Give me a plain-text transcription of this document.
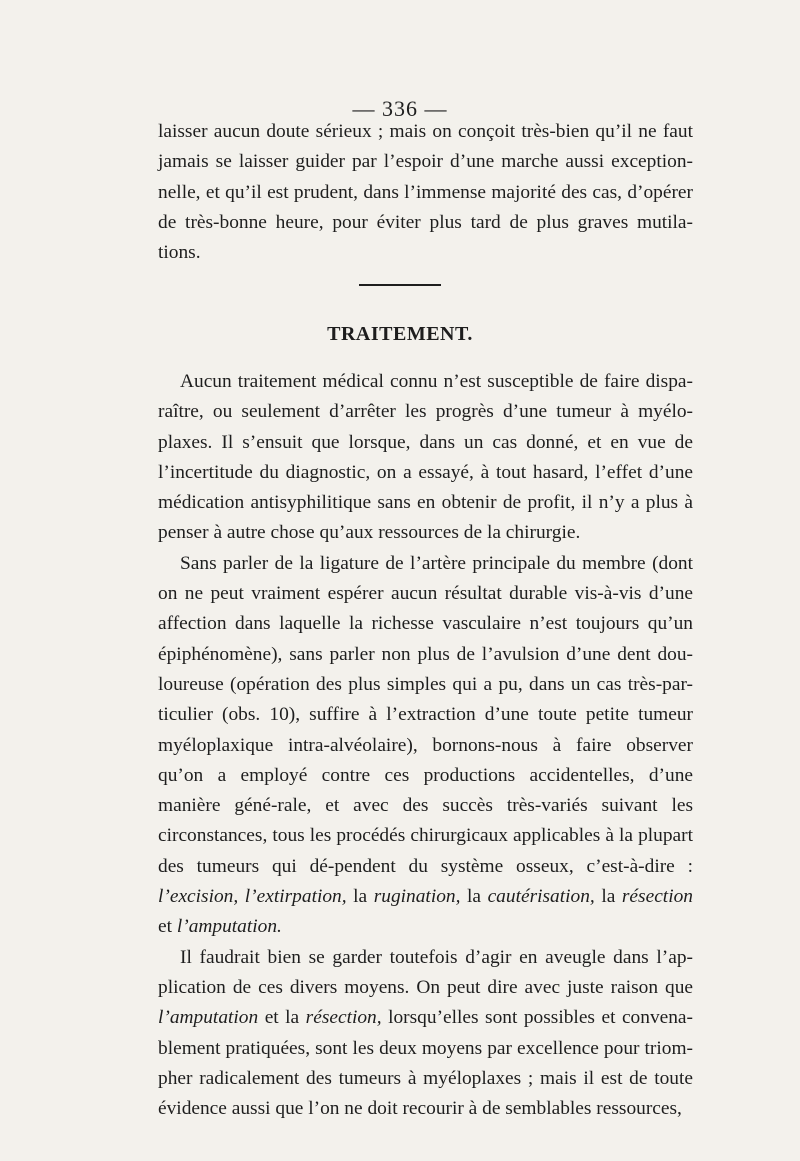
— 336 —

laisser aucun doute sérieux ; mais on conçoit très-bien qu’il ne faut jamais se laisser guider par l’espoir d’une marche aussi exception-nelle, et qu’il est prudent, dans l’immense majorité des cas, d’opérer de très-bonne heure, pour éviter plus tard de plus graves mutila-tions.

TRAITEMENT.

Aucun traitement médical connu n’est susceptible de faire dispa-raître, ou seulement d’arrêter les progrès d’une tumeur à myélo-plaxes. Il s’ensuit que lorsque, dans un cas donné, et en vue de l’incertitude du diagnostic, on a essayé, à tout hasard, l’effet d’une médication antisyphilitique sans en obtenir de profit, il n’y a plus à penser à autre chose qu’aux ressources de la chirurgie.

Sans parler de la ligature de l’artère principale du membre (dont on ne peut vraiment espérer aucun résultat durable vis-à-vis d’une affection dans laquelle la richesse vasculaire n’est toujours qu’un épiphénomène), sans parler non plus de l’avulsion d’une dent dou-loureuse (opération des plus simples qui a pu, dans un cas très-par-ticulier (obs. 10), suffire à l’extraction d’une toute petite tumeur myéloplaxique intra-alvéolaire), bornons-nous à faire observer qu’on a employé contre ces productions accidentelles, d’une manière géné-rale, et avec des succès très-variés suivant les circonstances, tous les procédés chirurgicaux applicables à la plupart des tumeurs qui dé-pendent du système osseux, c’est-à-dire : l’excision, l’extirpation, la rugination, la cautérisation, la résection et l’amputation.

Il faudrait bien se garder toutefois d’agir en aveugle dans l’ap-plication de ces divers moyens. On peut dire avec juste raison que l’amputation et la résection, lorsqu’elles sont possibles et convena-blement pratiquées, sont les deux moyens par excellence pour triom-pher radicalement des tumeurs à myéloplaxes ; mais il est de toute évidence aussi que l’on ne doit recourir à de semblables ressources,
